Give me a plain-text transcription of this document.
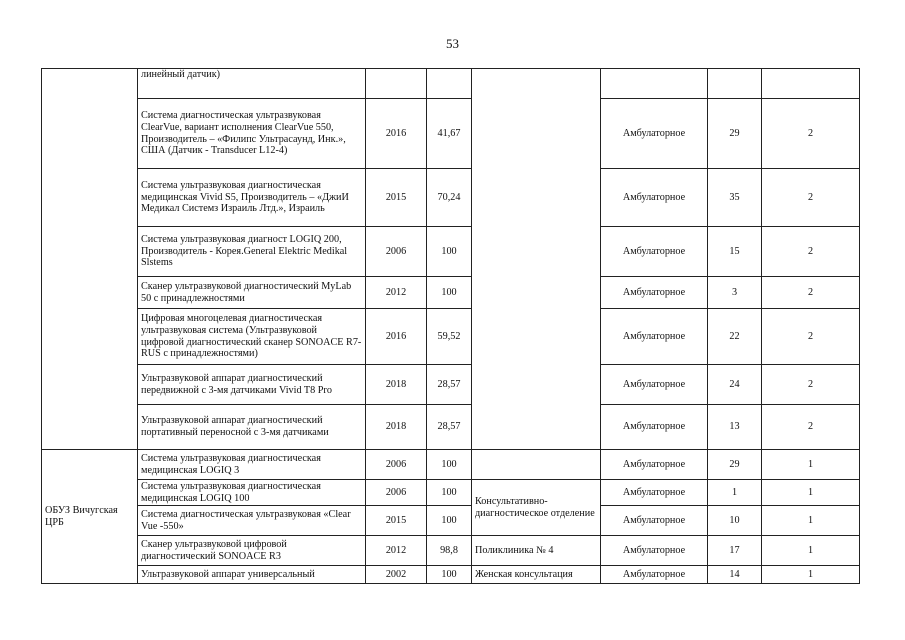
53
	линейный датчик)						
	Система диагностическая ультразвуковая ClearVue, вариант исполнения ClearVue 550, Производитель – «Филипс Ультрасаунд, Инк.», США (Датчик - Transducer L12-4)	2016	41,67		Амбулаторное	29	2
	Система ультразвуковая диагностическая медицинская Vivid S5, Производитель – «ДжиИ Медикал Системз Израиль Лтд.», Израиль	2015	70,24		Амбулаторное	35	2
	Система ультразвуковая диагност LOGIQ 200, Производитель - Корея.General Elektric Medikal Slstems	2006	100		Амбулаторное	15	2
	Сканер ультразвуковой диагностический MyLab 50 с принадлежностями	2012	100		Амбулаторное	3	2
	Цифровая многоцелевая диагностическая ультразвуковая система (Ультразвуковой цифровой диагностический сканер SONOACE R7-RUS с принадлежностями)	2016	59,52		Амбулаторное	22	2
	Ультразвуковой аппарат диагностический передвижной с 3-мя датчиками Vivid T8 Pro	2018	28,57		Амбулаторное	24	2
	Ультразвуковой аппарат диагностический портативный переносной с 3-мя датчиками	2018	28,57		Амбулаторное	13	2
ОБУЗ Вичугская ЦРБ	Система ультразвуковая диагностическая медицинская LOGIQ 3	2006	100		Амбулаторное	29	1
	Система ультразвуковая диагностическая медицинская LOGIQ 100	2006	100	Консультативно-диагностическое отделение	Амбулаторное	1	1
	Система диагностическая ультразвуковая «Clear Vue -550»	2015	100		Амбулаторное	10	1
	Сканер ультразвуковой цифровой диагностический SONOACE R3	2012	98,8	Поликлиника № 4	Амбулаторное	17	1
	Ультразвуковой аппарат универсальный	2002	100	Женская консультация	Амбулаторное	14	1
